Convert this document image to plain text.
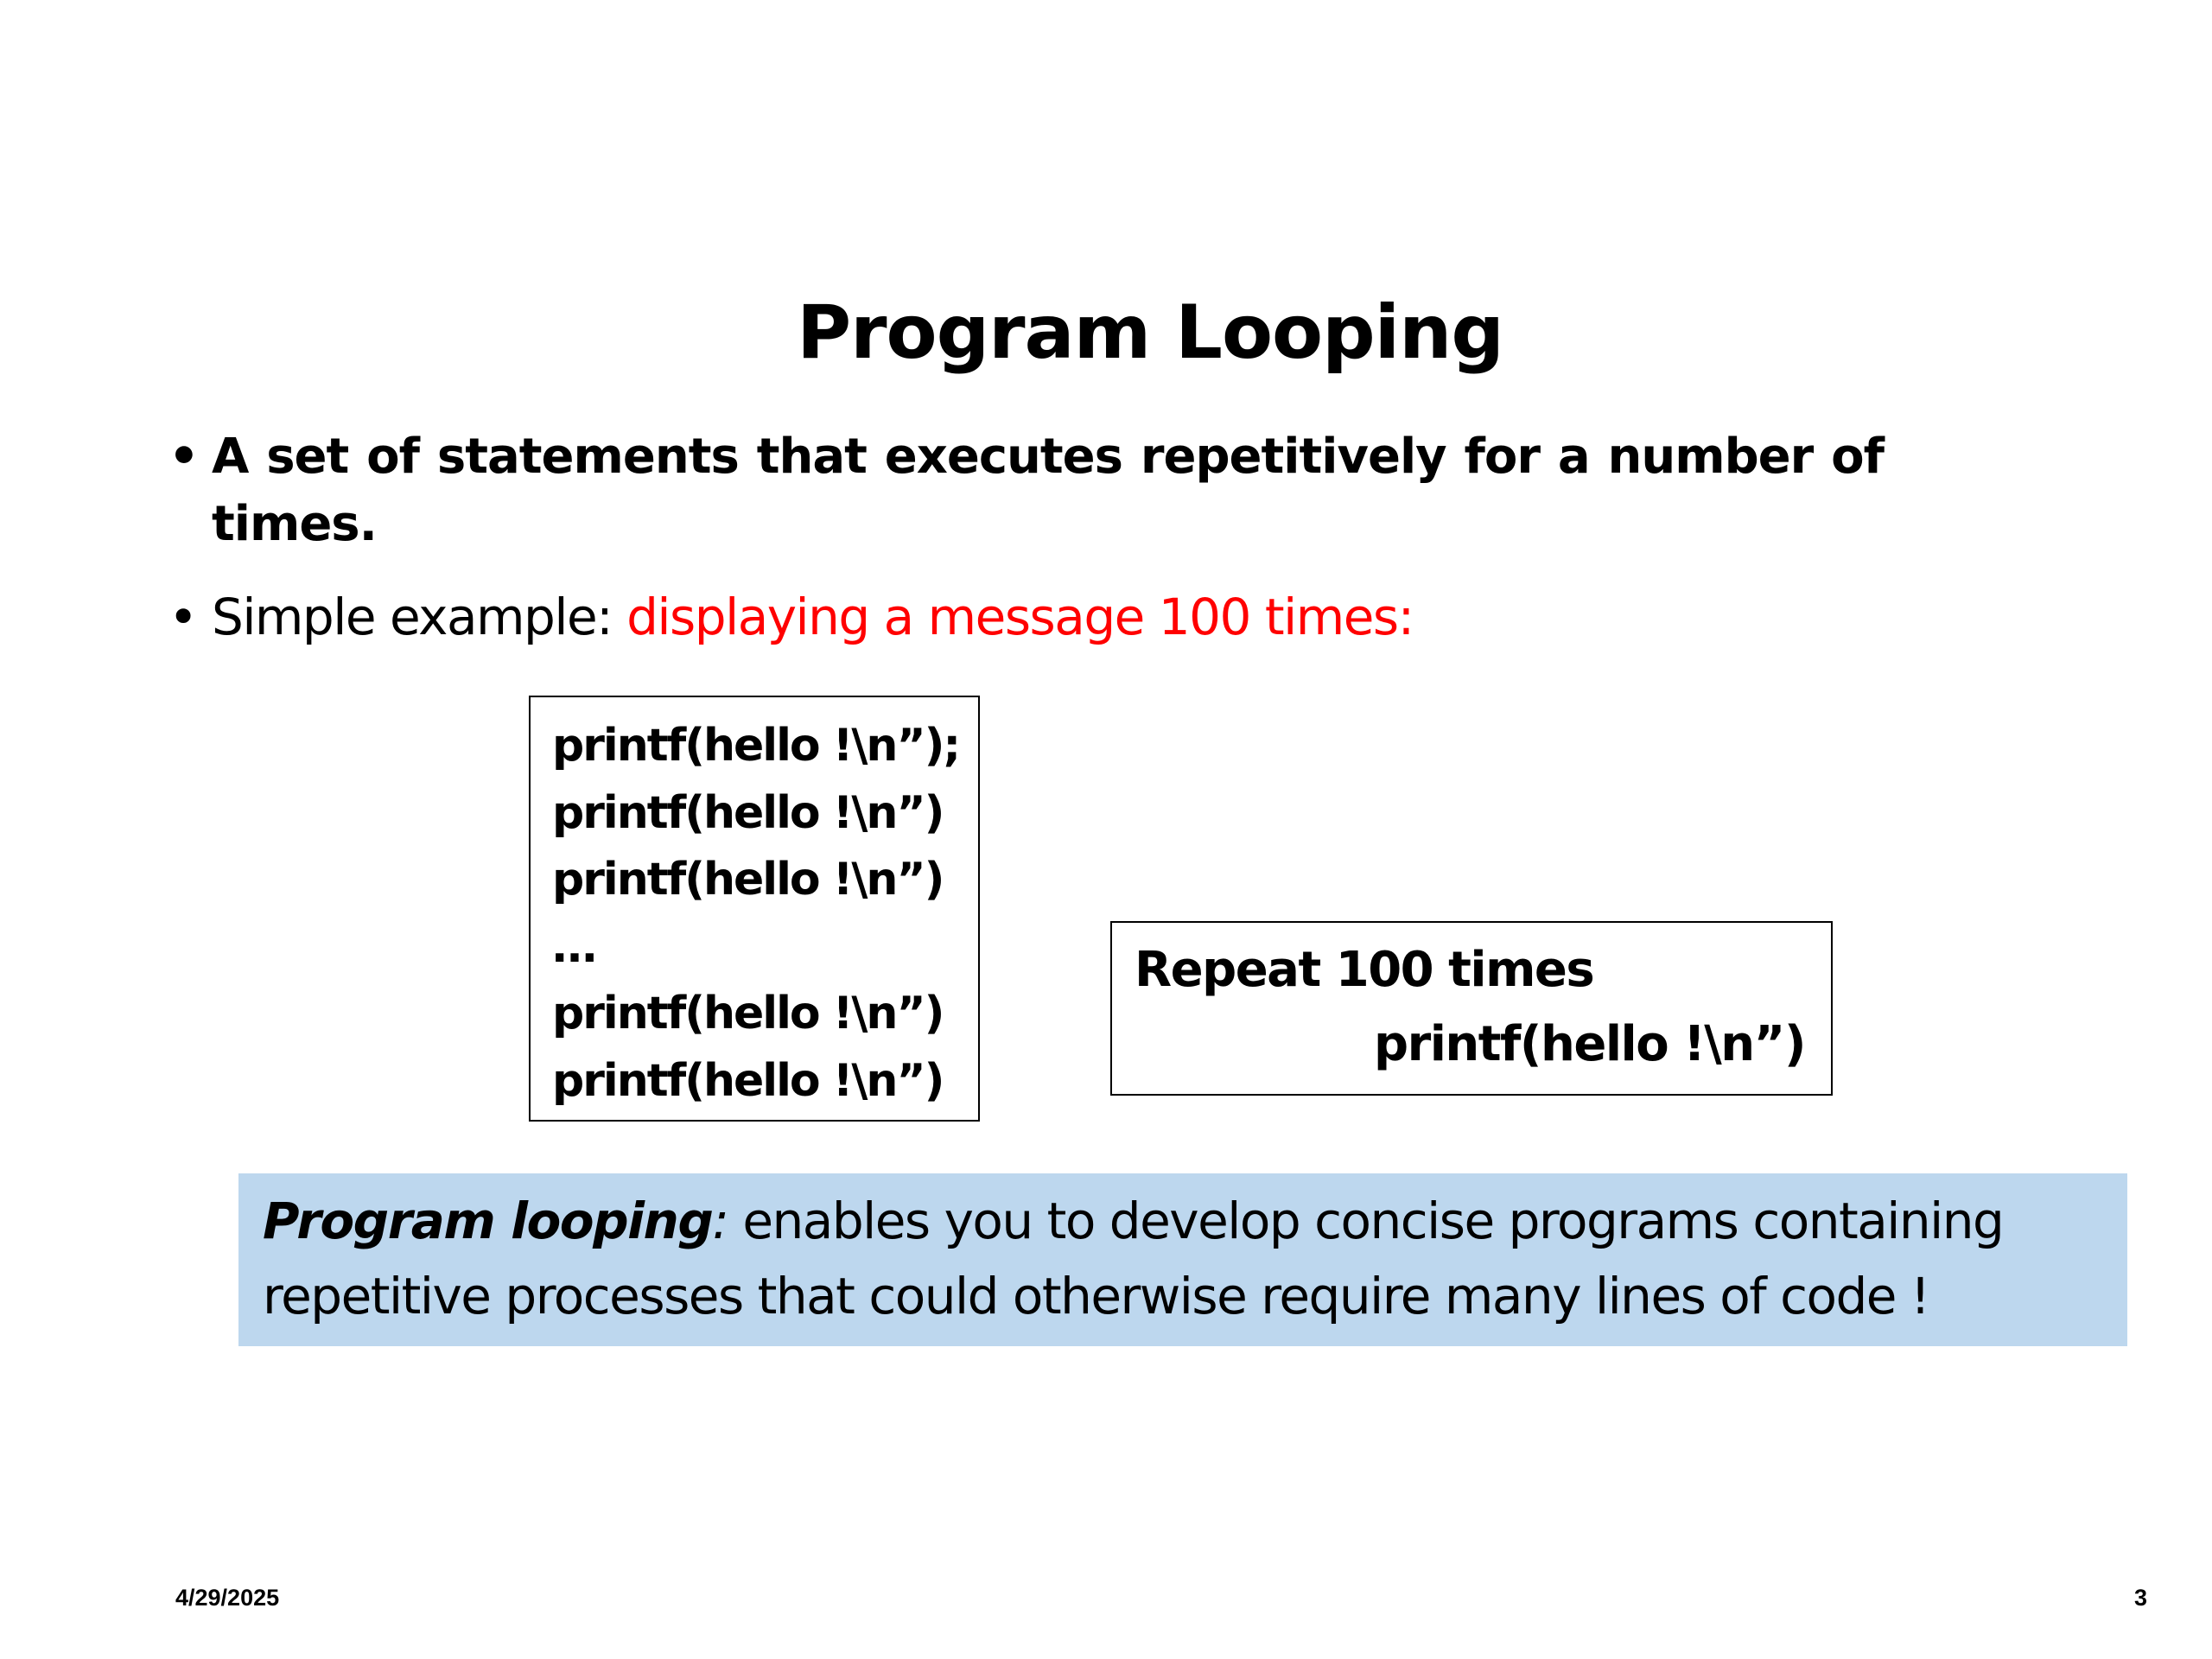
Program Looping
• A set of statements that executes repetitively for a number of times.
• Simple example: displaying a message 100 times:
printf(hello !\n”);
printf(hello !\n”)
printf(hello !\n”)
…
printf(hello !\n”)
printf(hello !\n”)
Repeat 100 times
printf(hello !\n”)
Program looping: enables you to develop concise programs containing repetitive processes that could otherwise require many lines of code !
4/29/2025	3
